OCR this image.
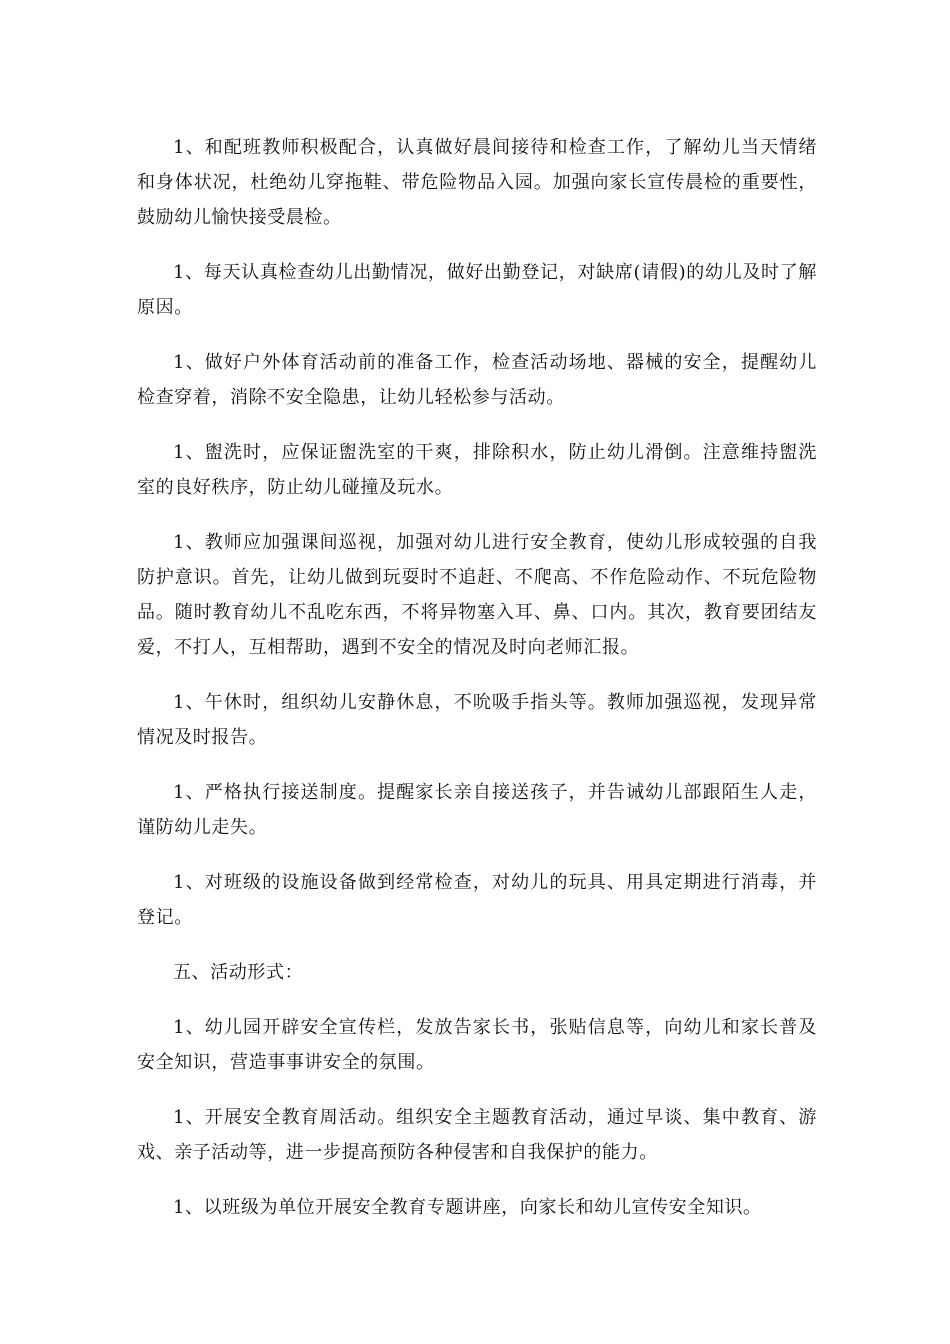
1、和配班教师积极配合，认真做好晨间接待和检查工作，了解幼儿当天情绪和身体状况，杜绝幼儿穿拖鞋、带危险物品入园。加强向家长宣传晨检的重要性，鼓励幼儿愉快接受晨检。

1、每天认真检查幼儿出勤情况，做好出勤登记，对缺席(请假)的幼儿及时了解原因。

1、做好户外体育活动前的准备工作，检查活动场地、器械的安全，提醒幼儿检查穿着，消除不安全隐患，让幼儿轻松参与活动。

1、盥洗时，应保证盥洗室的干爽，排除积水，防止幼儿滑倒。注意维持盥洗室的良好秩序，防止幼儿碰撞及玩水。

1、教师应加强课间巡视，加强对幼儿进行安全教育，使幼儿形成较强的自我防护意识。首先，让幼儿做到玩耍时不追赶、不爬高、不作危险动作、不玩危险物品。随时教育幼儿不乱吃东西，不将异物塞入耳、鼻、口内。其次，教育要团结友爱，不打人，互相帮助，遇到不安全的情况及时向老师汇报。

1、午休时，组织幼儿安静休息，不吮吸手指头等。教师加强巡视，发现异常情况及时报告。

1、严格执行接送制度。提醒家长亲自接送孩子，并告诫幼儿部跟陌生人走，谨防幼儿走失。

1、对班级的设施设备做到经常检查，对幼儿的玩具、用具定期进行消毒，并登记。

五、活动形式：

1、幼儿园开辟安全宣传栏，发放告家长书，张贴信息等，向幼儿和家长普及安全知识，营造事事讲安全的氛围。

1、开展安全教育周活动。组织安全主题教育活动，通过早谈、集中教育、游戏、亲子活动等，进一步提高预防各种侵害和自我保护的能力。

1、以班级为单位开展安全教育专题讲座，向家长和幼儿宣传安全知识。
